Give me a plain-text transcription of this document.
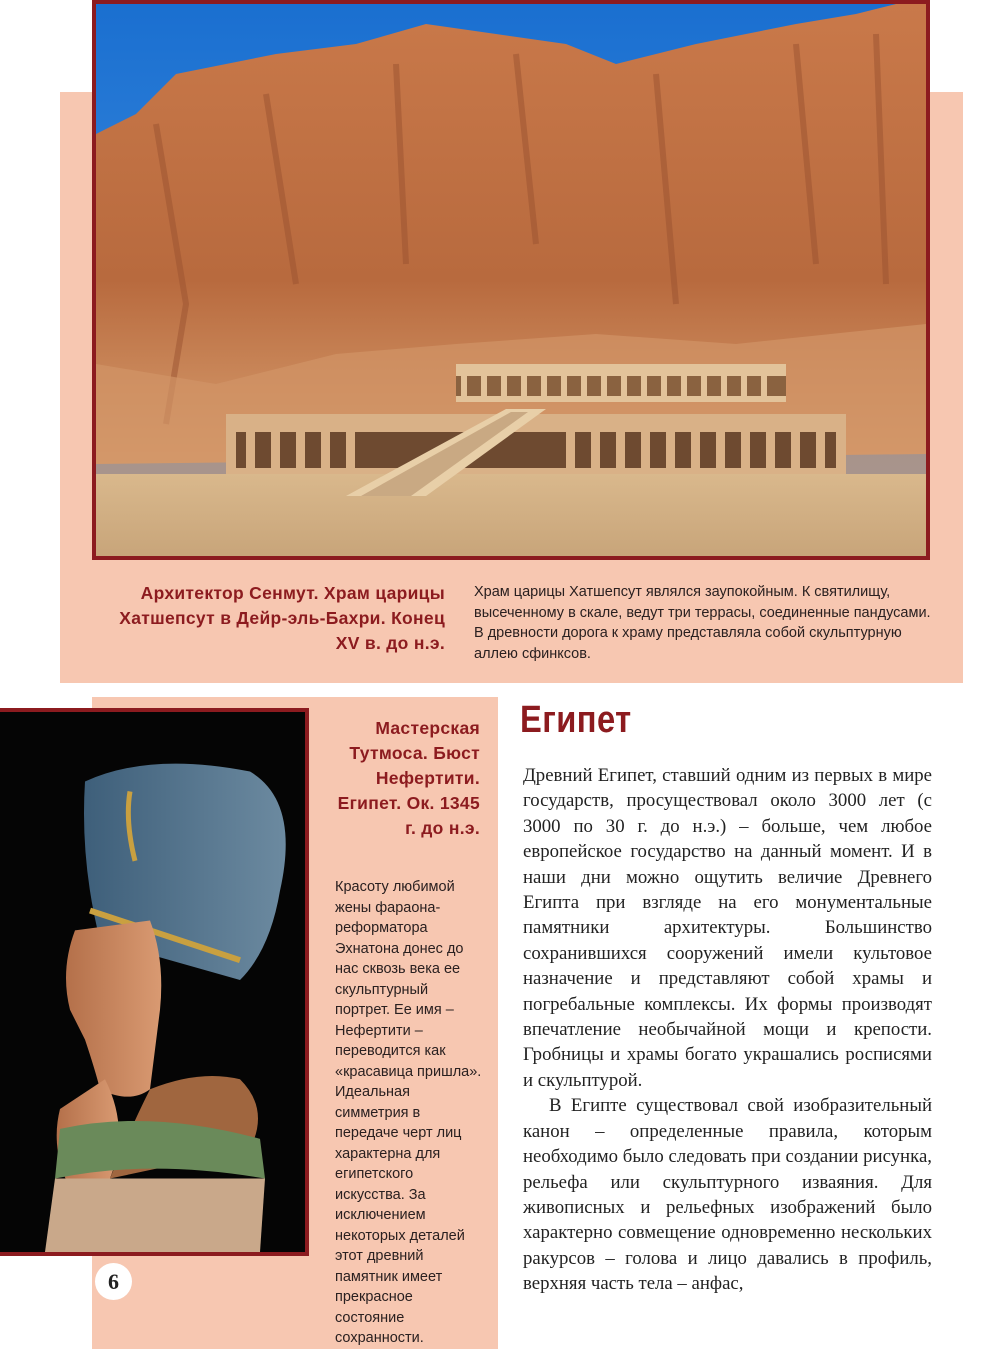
Архитектор Сенмут. Храм царицы Хатшепсут в Дейр-эль-Бахри. Конец XV в. до н.э.
Храм царицы Хатшепсут являлся заупокойным. К святилищу, высеченному в скале, ведут три террасы, соединенные пандусами. В древности дорога к храму представляла собой скульптурную аллею сфинксов.
Мастерская Тутмоса. Бюст Нефертити. Египет. Ок. 1345 г. до н.э.
Красоту любимой жены фараона-реформатора Эхнатона донес до нас сквозь века ее скульптурный портрет. Ее имя – Нефертити – переводится как «красавица пришла». Идеальная симметрия в передаче черт лиц характерна для египетского искусства. За исключением некоторых деталей этот древний памятник имеет прекрасное состояние сохранности.
Египет

Древний Египет, ставший одним из первых в мире государств, просуществовал около 3000 лет (с 3000 по 30 г. до н.э.) – больше, чем любое европейское государство на данный момент. И в наши дни можно ощутить величие Древнего Египта при взгляде на его монументальные памятники архитектуры. Большинство сохранившихся сооружений имели культовое назначение и представляют собой храмы и погребальные комплексы. Их формы производят впечатление необычайной мощи и крепости. Гробницы и храмы богато украшались росписями и скульптурой.

В Египте существовал свой изобразительный канон – определенные правила, которым необходимо было следовать при создании рисунка, рельефа или скульптурного изваяния. Для живописных и рельефных изображений было характерно совмещение одновременно нескольких ракурсов – голова и лицо давались в профиль, верхняя часть тела – анфас,

6
